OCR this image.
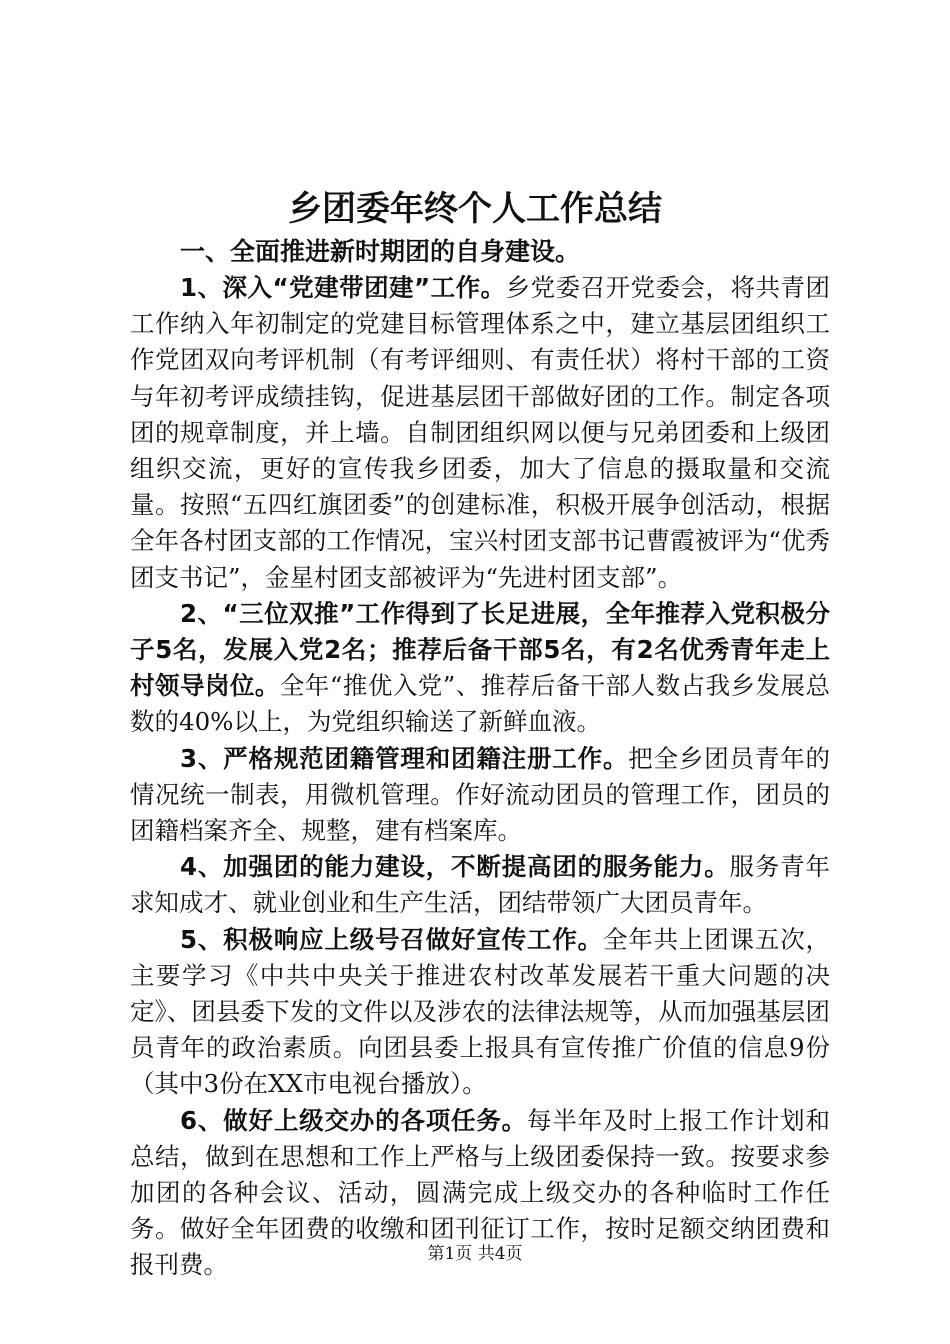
乡团委年终个人工作总结

一、全面推进新时期团的自身建设。

1、深入“党建带团建”工作。乡党委召开党委会，将共青团工作纳入年初制定的党建目标管理体系之中，建立基层团组织工作党团双向考评机制（有考评细则、有责任状）将村干部的工资与年初考评成绩挂钩，促进基层团干部做好团的工作。制定各项团的规章制度，并上墙。自制团组织网以便与兄弟团委和上级团组织交流，更好的宣传我乡团委，加大了信息的摄取量和交流量。按照“五四红旗团委”的创建标准，积极开展争创活动，根据全年各村团支部的工作情况，宝兴村团支部书记曹霞被评为“优秀团支书记”，金星村团支部被评为“先进村团支部”。

2、“三位双推”工作得到了长足进展，全年推荐入党积极分子5名，发展入党2名；推荐后备干部5名，有2名优秀青年走上村领导岗位。全年“推优入党”、推荐后备干部人数占我乡发展总数的40%以上，为党组织输送了新鲜血液。

3、严格规范团籍管理和团籍注册工作。把全乡团员青年的情况统一制表，用微机管理。作好流动团员的管理工作，团员的团籍档案齐全、规整，建有档案库。

4、加强团的能力建设，不断提高团的服务能力。服务青年求知成才、就业创业和生产生活，团结带领广大团员青年。

5、积极响应上级号召做好宣传工作。全年共上团课五次，主要学习《中共中央关于推进农村改革发展若干重大问题的决定》、团县委下发的文件以及涉农的法律法规等，从而加强基层团员青年的政治素质。向团县委上报具有宣传推广价值的信息9份（其中3份在XX市电视台播放）。

6、做好上级交办的各项任务。每半年及时上报工作计划和总结，做到在思想和工作上严格与上级团委保持一致。按要求参加团的各种会议、活动，圆满完成上级交办的各种临时工作任务。做好全年团费的收缴和团刊征订工作，按时足额交纳团费和报刊费。	第1页 共4页
